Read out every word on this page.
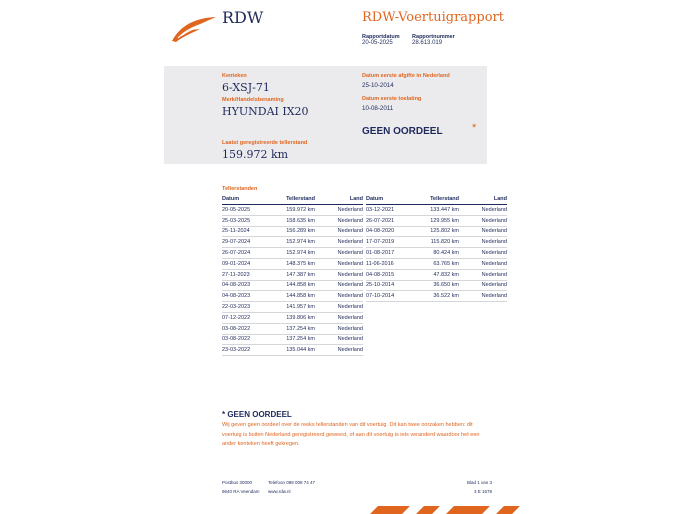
RDW	RDW-Voertuigrapport
Rapportdatum
20-05-2025

Rapportnummer
28.613.019
Kenteken
6-XSJ-71
Merk/Handelsbenaming
HYUNDAI IX20
Datum eerste afgifte in Nederland
25-10-2014
Datum eerste toelating
10-08-2011
GEEN OORDEEL	*
Laatst geregistreerde tellerstand
159.972 km
Tellerstanden
Datum	Tellerstand	Land
20-05-2025	159.972 km	Nederland
25-03-2025	158.635 km	Nederland
25-11-2024	156.289 km	Nederland
29-07-2024	152.974 km	Nederland
26-07-2024	152.974 km	Nederland
09-01-2024	148.375 km	Nederland
27-11-2023	147.387 km	Nederland
04-08-2023	144.858 km	Nederland
04-08-2023	144.858 km	Nederland
22-03-2023	141.957 km	Nederland
07-12-2022	139.806 km	Nederland
03-08-2022	137.254 km	Nederland
03-08-2022	137.254 km	Nederland
23-03-2022	135.044 km	Nederland
Datum	Tellerstand	Land
03-12-2021	133.447 km	Nederland
26-07-2021	129.955 km	Nederland
04-08-2020	125.802 km	Nederland
17-07-2019	115.820 km	Nederland
01-08-2017	80.424 km	Nederland
11-06-2016	63.765 km	Nederland
04-08-2015	47.832 km	Nederland
25-10-2014	36.650 km	Nederland
07-10-2014	36.522 km	Nederland
* GEEN OORDEEL
Wij geven geen oordeel over de reeks tellerstanden van dit voertuig. Dit kan twee oorzaken hebben: dit voertuig is buiten Nederland geregistreerd geweest, of aan dit voertuig is iets veranderd waardoor het een ander kenteken heeft gekregen.
Postbus 30000
9640 RA Veendam
Telefoon 088 008 74 47
www.rdw.nl
Blad 1 van 3
3 E 1678
